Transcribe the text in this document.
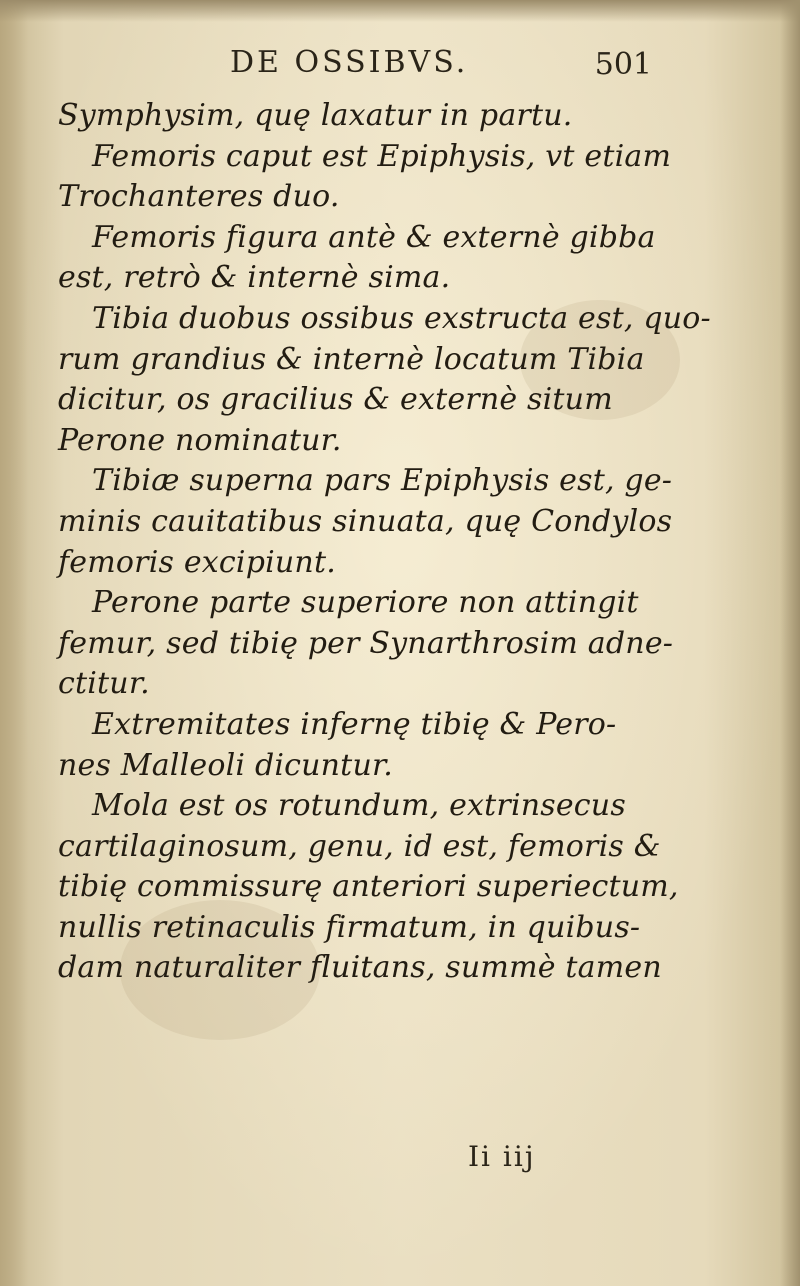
DE OSSIBVS.	501
Symphysim, quę laxatur in partu.
Femoris caput est Epiphysis, vt etiam
Trochanteres duo.
Femoris figura antè & externè gibba
est, retrò & internè sima.
Tibia duobus ossibus exstructa est, quo-
rum grandius & internè locatum Tibia
dicitur, os gracilius & externè situm
Perone nominatur.
Tibiæ superna pars Epiphysis est, ge-
minis cauitatibus sinuata, quę Condylos
femoris excipiunt.
Perone parte superiore non attingit
femur, sed tibię per Synarthrosim adne-
ctitur.
Extremitates infernę tibię & Pero-
nes Malleoli dicuntur.
Mola est os rotundum, extrinsecus
cartilaginosum, genu, id est, femoris &
tibię commissurę anteriori superiectum,
nullis retinaculis firmatum, in quibus-
dam naturaliter fluitans, summè tamen
Ii iij
